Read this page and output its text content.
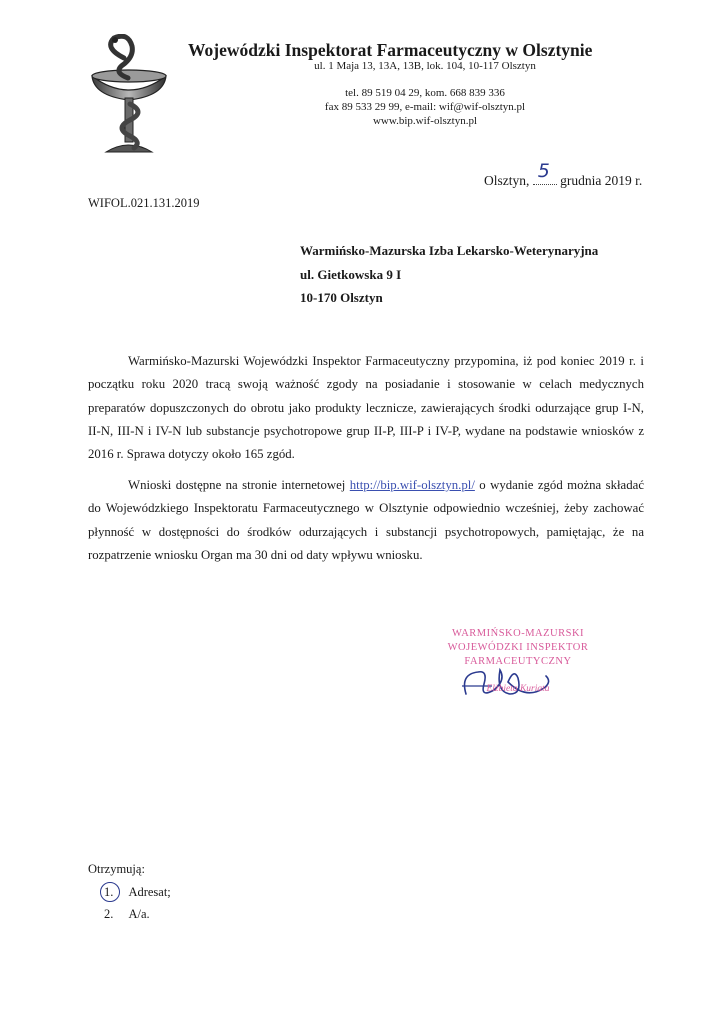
Wojewódzki Inspektorat Farmaceutyczny w Olsztynie
ul. 1 Maja 13, 13A, 13B, lok. 104, 10-117 Olsztyn
tel. 89 519 04 29, kom. 668 839 336
fax 89 533 29 99, e-mail: wif@wif-olsztyn.pl
www.bip.wif-olsztyn.pl
Olsztyn, 5 grudnia 2019 r.
WIFOL.021.131.2019
Warmińsko-Mazurska Izba Lekarsko-Weterynaryjna
ul. Gietkowska 9 I
10-170 Olsztyn

Warmińsko-Mazurski Wojewódzki Inspektor Farmaceutyczny przypomina, iż pod koniec 2019 r. i początku roku 2020 tracą swoją ważność zgody na posiadanie i stosowanie w celach medycznych preparatów dopuszczonych do obrotu jako produkty lecznicze, zawierających środki odurzające grup I-N, II-N, III-N i IV-N lub substancje psychotropowe grup II-P, III-P i IV-P, wydane na podstawie wniosków z 2016 r. Sprawa dotyczy około 165 zgód.

Wnioski dostępne na stronie internetowej http://bip.wif-olsztyn.pl/ o wydanie zgód można składać do Wojewódzkiego Inspektoratu Farmaceutycznego w Olsztynie odpowiednio wcześniej, żeby zachować płynność w dostępności do środków odurzających i substancji psychotropowych, pamiętając, że na rozpatrzenie wniosku Organ ma 30 dni od daty wpływu wniosku.

WARMIŃSKO-MAZURSKI
WOJEWÓDZKI INSPEKTOR
FARMACEUTYCZNY
Elżbieta Kuriata
Otrzymują:
1. Adresat;
2. A/a.
